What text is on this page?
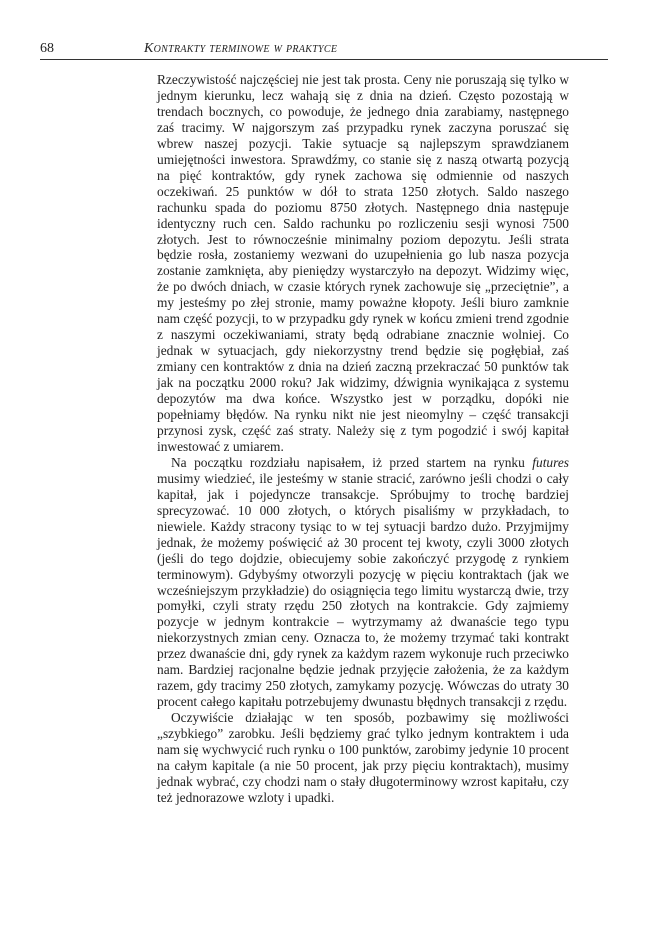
68	Kontrakty terminowe w praktyce

Rzeczywistość najczęściej nie jest tak prosta. Ceny nie poruszają się tylko w jednym kierunku, lecz wahają się z dnia na dzień. Często pozostają w trendach bocznych, co powoduje, że jednego dnia zarabiamy, następnego zaś tracimy. W najgorszym zaś przypadku rynek zaczyna poruszać się wbrew naszej pozycji. Takie sytuacje są najlepszym sprawdzianem umiejętności inwestora. Sprawdźmy, co stanie się z naszą otwartą pozycją na pięć kontraktów, gdy rynek zachowa się odmiennie od naszych oczekiwań. 25 punktów w dół to strata 1250 złotych. Saldo naszego rachunku spada do poziomu 8750 złotych. Następnego dnia następuje identyczny ruch cen. Saldo rachunku po rozliczeniu sesji wynosi 7500 złotych. Jest to równocześnie minimalny poziom depozytu. Jeśli strata będzie rosła, zostaniemy wezwani do uzupełnienia go lub nasza pozycja zostanie zamknięta, aby pieniędzy wystarczyło na depozyt. Widzimy więc, że po dwóch dniach, w czasie których rynek zachowuje się „przeciętnie”, a my jesteśmy po złej stronie, mamy poważne kłopoty. Jeśli biuro zamknie nam część pozycji, to w przypadku gdy rynek w końcu zmieni trend zgodnie z naszymi oczekiwaniami, straty będą odrabiane znacznie wolniej. Co jednak w sytuacjach, gdy niekorzystny trend będzie się pogłębiał, zaś zmiany cen kontraktów z dnia na dzień zaczną przekraczać 50 punktów tak jak na początku 2000 roku? Jak widzimy, dźwignia wynikająca z systemu depozytów ma dwa końce. Wszystko jest w porządku, dopóki nie popełniamy błędów. Na rynku nikt nie jest nieomylny – część transakcji przynosi zysk, część zaś straty. Należy się z tym pogodzić i swój kapitał inwestować z umiarem.

Na początku rozdziału napisałem, iż przed startem na rynku futures musimy wiedzieć, ile jesteśmy w stanie stracić, zarówno jeśli chodzi o cały kapitał, jak i pojedyncze transakcje. Spróbujmy to trochę bardziej sprecyzować. 10 000 złotych, o których pisaliśmy w przykładach, to niewiele. Każdy stracony tysiąc to w tej sytuacji bardzo dużo. Przyjmijmy jednak, że możemy poświęcić aż 30 procent tej kwoty, czyli 3000 złotych (jeśli do tego dojdzie, obiecujemy sobie zakończyć przygodę z rynkiem terminowym). Gdybyśmy otworzyli pozycję w pięciu kontraktach (jak we wcześniejszym przykładzie) do osiągnięcia tego limitu wystarczą dwie, trzy pomyłki, czyli straty rzędu 250 złotych na kontrakcie. Gdy zajmiemy pozycje w jednym kontrakcie – wytrzymamy aż dwanaście tego typu niekorzystnych zmian ceny. Oznacza to, że możemy trzymać taki kontrakt przez dwanaście dni, gdy rynek za każdym razem wykonuje ruch przeciwko nam. Bardziej racjonalne będzie jednak przyjęcie założenia, że za każdym razem, gdy tracimy 250 złotych, zamykamy pozycję. Wówczas do utraty 30 procent całego kapitału potrzebujemy dwunastu błędnych transakcji z rzędu.

Oczywiście działając w ten sposób, pozbawimy się możliwości „szybkiego” zarobku. Jeśli będziemy grać tylko jednym kontraktem i uda nam się wychwycić ruch rynku o 100 punktów, zarobimy jedynie 10 procent na całym kapitale (a nie 50 procent, jak przy pięciu kontraktach), musimy jednak wybrać, czy chodzi nam o stały długoterminowy wzrost kapitału, czy też jednorazowe wzloty i upadki.
